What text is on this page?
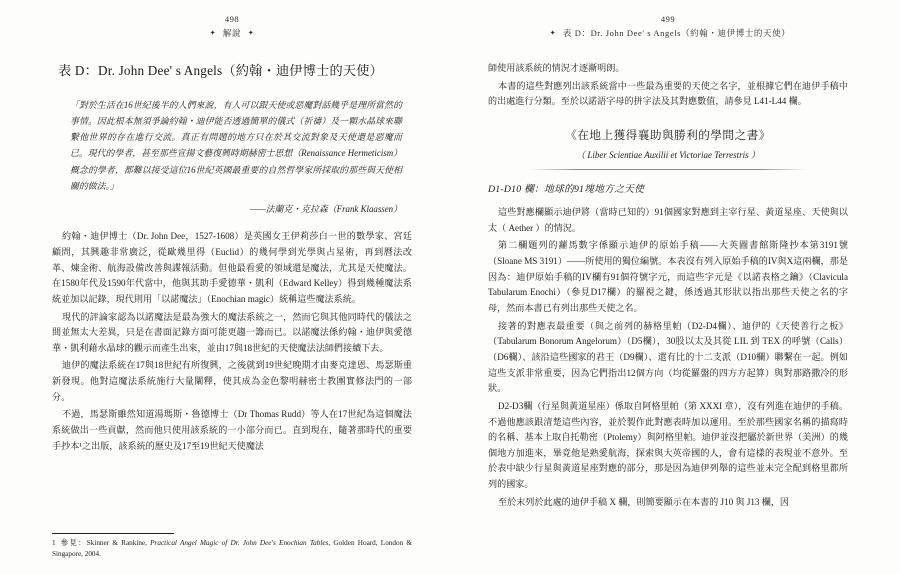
498
✦ 解說 ✦
表 D：Dr. John Dee' s Angels（約翰・迪伊博士的天使）

「對於生活在16世紀後半的人們來說，有人可以跟天使或惡魔對話幾乎是理所當然的事情。因此根本無須爭論約翰・迪伊能否透過簡單的儀式（祈禱）及一顆水晶球來聯繫他世界的存在進行交流。真正有問題的地方只在於其交流對象及天使還是惡魔而已。現代的學者，甚至那些宣揚文藝復興時期赫密士思想（Renaissance Hermeticism）概念的學者，都難以接受這位16世紀英國最重要的自然哲學家所採取的那些與天使相關的做法。」

——法蘭克・克拉森（Frank Klaassen）

約翰・迪伊博士（Dr. John Dee，1527-1608）是英國女王伊莉莎白一世的數學家、宮廷顧問，其興趣非常廣泛，從歐幾里得（Euclid）的幾何學到光學與占星術，再到曆法改革、煉金術、航海設備改善與諜報活動。但他最看愛的領域還是魔法，尤其是天使魔法。在1580年代及1590年代當中，他與其助手愛德華・凱利（Edward Kelley）得到幾種魔法系統並加以記錄，現代則用「以諾魔法」（Enochian magic）統稱這些魔法系統。

現代的評論家認為以諾魔法是最為強大的魔法系統之一，然而它與其他同時代的儀法之間並無太大差異，只是在書面記錄方面可能更趨一籌而已。以諾魔法係約翰・迪伊與愛德華・凱利藉水晶球的觀示而產生出來，並由17與18世紀的天使魔法法師們接續下去。

迪伊的魔法系統在17與18世紀有所復興，之後就到19世紀晚期才由麥克達恩、馬瑟斯重新發現。他對這魔法系統施行大量闡釋，使其成為金色黎明赫密士教團實修法門的一部分。

不過，馬瑟斯雖然知道湯瑪斯・魯德博士（Dr Thomas Rudd）等人在17世紀為這個魔法系統做出一些貢獻，然而他只使用該系統的一小部分而已。直到現在，隨著那時代的重要手抄本¹之出版，該系統的歷史及17至19世紀天使魔法

1 參見：Skinner & Rankine, Practical Angel Magic of Dr. John Dee's Enochian Tables, Golden Hoard, London & Singapore, 2004.
499
✦ 表 D：Dr. John Dee' s Angels（約翰・迪伊博士的天使）

師使用該系統的情況才逐漸明朗。

本書的這些對應列出該系統當中一些最為重要的天使之名字，並根據它們在迪伊手稿中的出處進行分類。至於以諾語字母的拼字法及其對應數值，請參見 L41-L44 欄。

《在地上獲得襄助與勝利的學問之書》
（ Liber Scientiae Auxilii et Victoriae Terrestris ）
D1-D10 欄：地球的91塊地方之天使

這些對應欄顯示迪伊將（當時已知的）91個國家對應到主宰行星、黃道星座、天使與以太（ Aether ）的情況。

第二欄題列的蘿馬數字係顯示迪伊的原始手稿——大英圖書館斯隆抄本第3191號（Sloane MS 3191）——所使用的獨位編號。本表沒有列入原始手稿的IV與X這兩欄，那是因為：迪伊原始手稿的IV欄有91個符號字元，而這些字元是《以諾表格之鑰》（Clavicula Tabularum Enochi）（參見D17欄）的羅視之鍵，係透過其形狀以指出那些天使之名的字母，然而本書已有列出那些天使之名。

接著的對應表最重要（與之前列的赫格里帕（D2-D4欄）、迪伊的《天使善行之板》（Tabularum Bonorum Angelorum）（D5欄），30股以太及其從 LIL 到 TEX 的呼號（Calls）（D6欄）、該沿這些國家的君王（D9欄）、還有比的十二支派（D10欄）聯繫在一起。例如這些支派非常重要，因為它們指出12個方向（均從羅盤的四方方起算）與對那路撒冷的形狀。

D2-D3欄（行星與黃道星座）係取自阿格里帕（第 XXXI 章），沒有列進在迪伊的手稿。不過他應該跟清楚這些內容，並於製作此對應表時加以運用。至於那些國家名稱的描寫時的名稱、基本上取自托勒密（Ptolemy）與阿格里帕。迪伊並沒把屬於新世界（美洲）的幾個地方加進來，畢竟他是熟愛航海，探索與大英帝國的人，會有這樣的表現並不意外。至於表中缺少行星與黃道星座對應的部分，那是因為迪伊列舉的這些並未完全配到格里都所列的國家。

至於末列於此處的迪伊手稿 X 欄，則簡要顯示在本書的 J10 與 J13 欄，因
